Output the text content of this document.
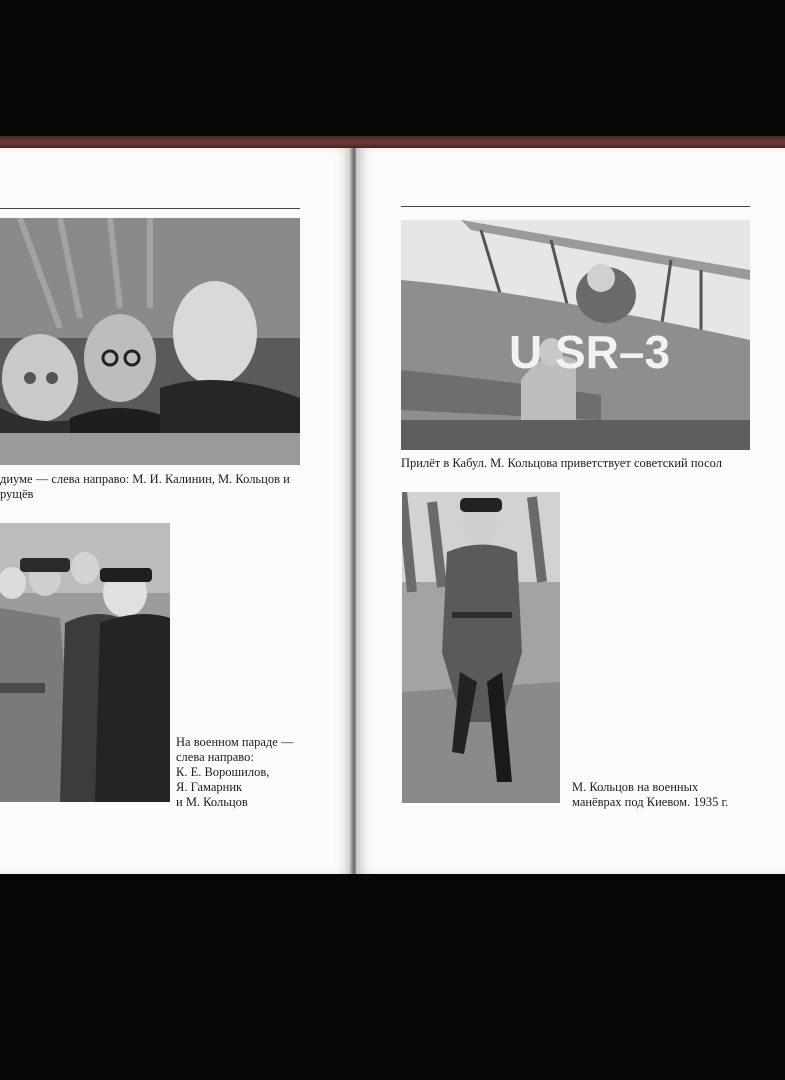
диуме — слева направо: М. И. Калинин, М. Кольцов и
рущёв
На военном параде —
слева направо:
К. Е. Ворошилов,
Я. Гамарник
и М. Кольцов
U SR–3
Прилёт в Кабул. М. Кольцова приветствует советский посол
М. Кольцов на военных
манёврах под Киевом. 1935 г.
